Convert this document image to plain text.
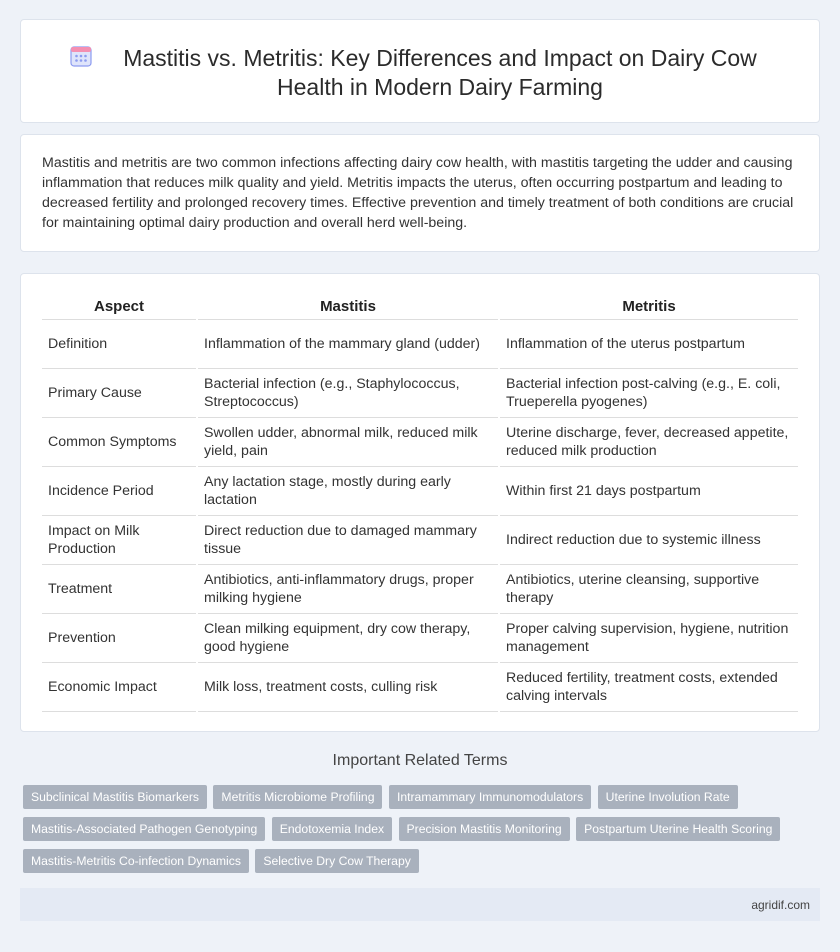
Mastitis vs. Metritis: Key Differences and Impact on Dairy Cow Health in Modern Dairy Farming

Mastitis and metritis are two common infections affecting dairy cow health, with mastitis targeting the udder and causing inflammation that reduces milk quality and yield. Metritis impacts the uterus, often occurring postpartum and leading to decreased fertility and prolonged recovery times. Effective prevention and timely treatment of both conditions are crucial for maintaining optimal dairy production and overall herd well-being.

Aspect	Mastitis	Metritis
Definition	Inflammation of the mammary gland (udder)	Inflammation of the uterus postpartum
Primary Cause	Bacterial infection (e.g., Staphylococcus, Streptococcus)	Bacterial infection post-calving (e.g., E. coli, Trueperella pyogenes)
Common Symptoms	Swollen udder, abnormal milk, reduced milk yield, pain	Uterine discharge, fever, decreased appetite, reduced milk production
Incidence Period	Any lactation stage, mostly during early lactation	Within first 21 days postpartum
Impact on Milk Production	Direct reduction due to damaged mammary tissue	Indirect reduction due to systemic illness
Treatment	Antibiotics, anti-inflammatory drugs, proper milking hygiene	Antibiotics, uterine cleansing, supportive therapy
Prevention	Clean milking equipment, dry cow therapy, good hygiene	Proper calving supervision, hygiene, nutrition management
Economic Impact	Milk loss, treatment costs, culling risk	Reduced fertility, treatment costs, extended calving intervals
Important Related Terms
Subclinical Mastitis Biomarkers Metritis Microbiome Profiling Intramammary Immunomodulators Uterine Involution Rate Mastitis-Associated Pathogen Genotyping Endotoxemia Index Precision Mastitis Monitoring Postpartum Uterine Health Scoring Mastitis-Metritis Co-infection Dynamics Selective Dry Cow Therapy
agridif.com
